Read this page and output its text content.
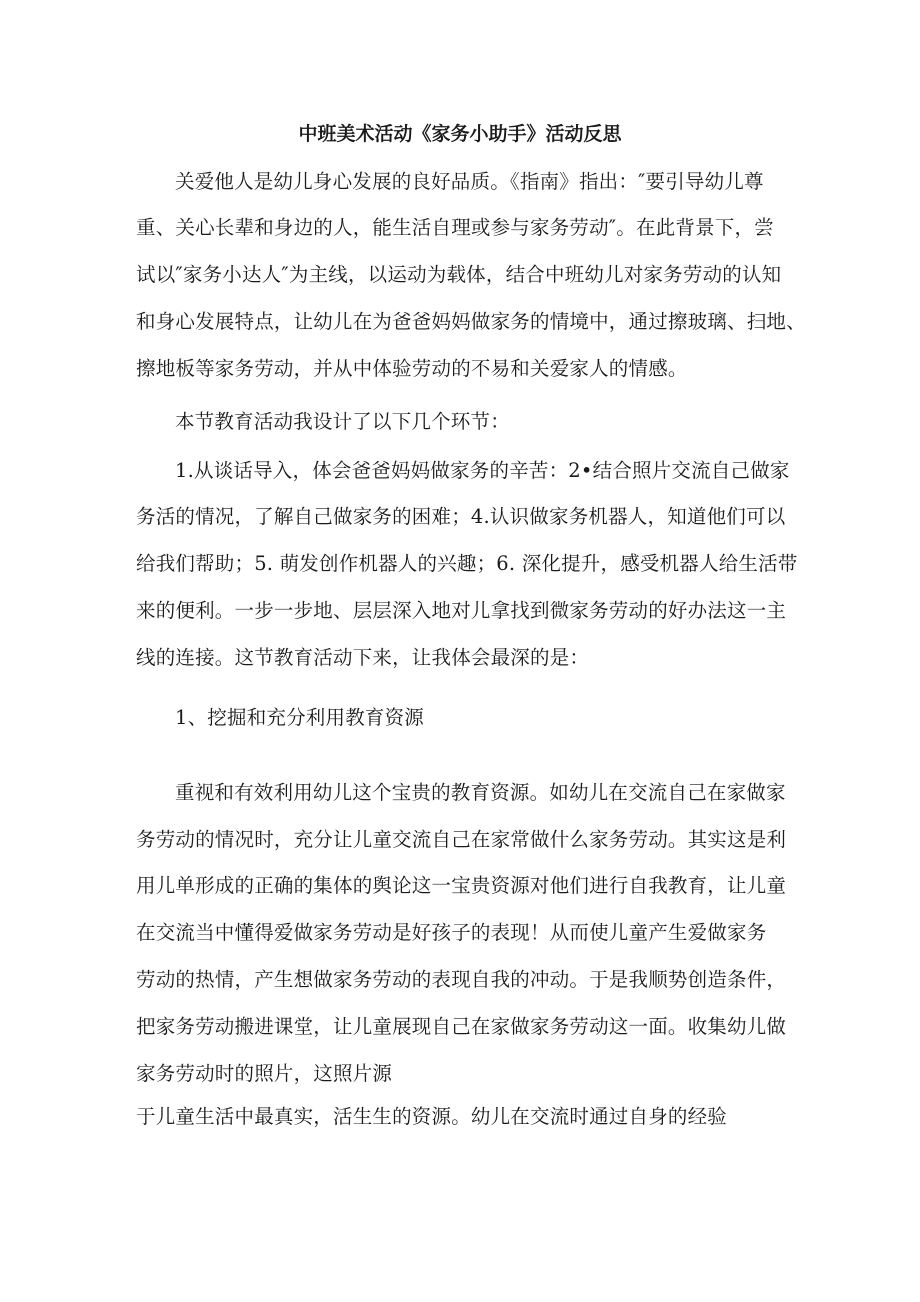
中班美术活动《家务小助手》活动反思
关爱他人是幼儿身心发展的良好品质。《指南》指出：″要引导幼儿尊
重、关心长辈和身边的人，能生活自理或参与家务劳动″。在此背景下，尝
试以″家务小达人″为主线，以运动为载体，结合中班幼儿对家务劳动的认知
和身心发展特点，让幼儿在为爸爸妈妈做家务的情境中，通过擦玻璃、扫地、
擦地板等家务劳动，并从中体验劳动的不易和关爱家人的情感。
本节教育活动我设计了以下几个环节：
1.从谈话导入，体会爸爸妈妈做家务的辛苦：2•结合照片交流自己做家
务活的情况，了解自己做家务的困难；4.认识做家务机器人，知道他们可以
给我们帮助；5. 萌发创作机器人的兴趣；6. 深化提升，感受机器人给生活带
来的便利。一步一步地、层层深入地对儿拿找到微家务劳动的好办法这一主
线的连接。这节教育活动下来，让我体会最深的是：
1、挖掘和充分利用教育资源
重视和有效利用幼儿这个宝贵的教育资源。如幼儿在交流自己在家做家
务劳动的情况时，充分让儿童交流自己在家常做什么家务劳动。其实这是利
用儿单形成的正确的集体的舆论这一宝贵资源对他们进行自我教育，让儿童
在交流当中懂得爱做家务劳动是好孩子的表现！从而使儿童产生爱做家务
劳动的热情，产生想做家务劳动的表现自我的冲动。于是我顺势创造条件，
把家务劳动搬进课堂，让儿童展现自己在家做家务劳动这一面。收集幼儿做
家务劳动时的照片，这照片源
于儿童生活中最真实，活生生的资源。幼儿在交流时通过自身的经验
